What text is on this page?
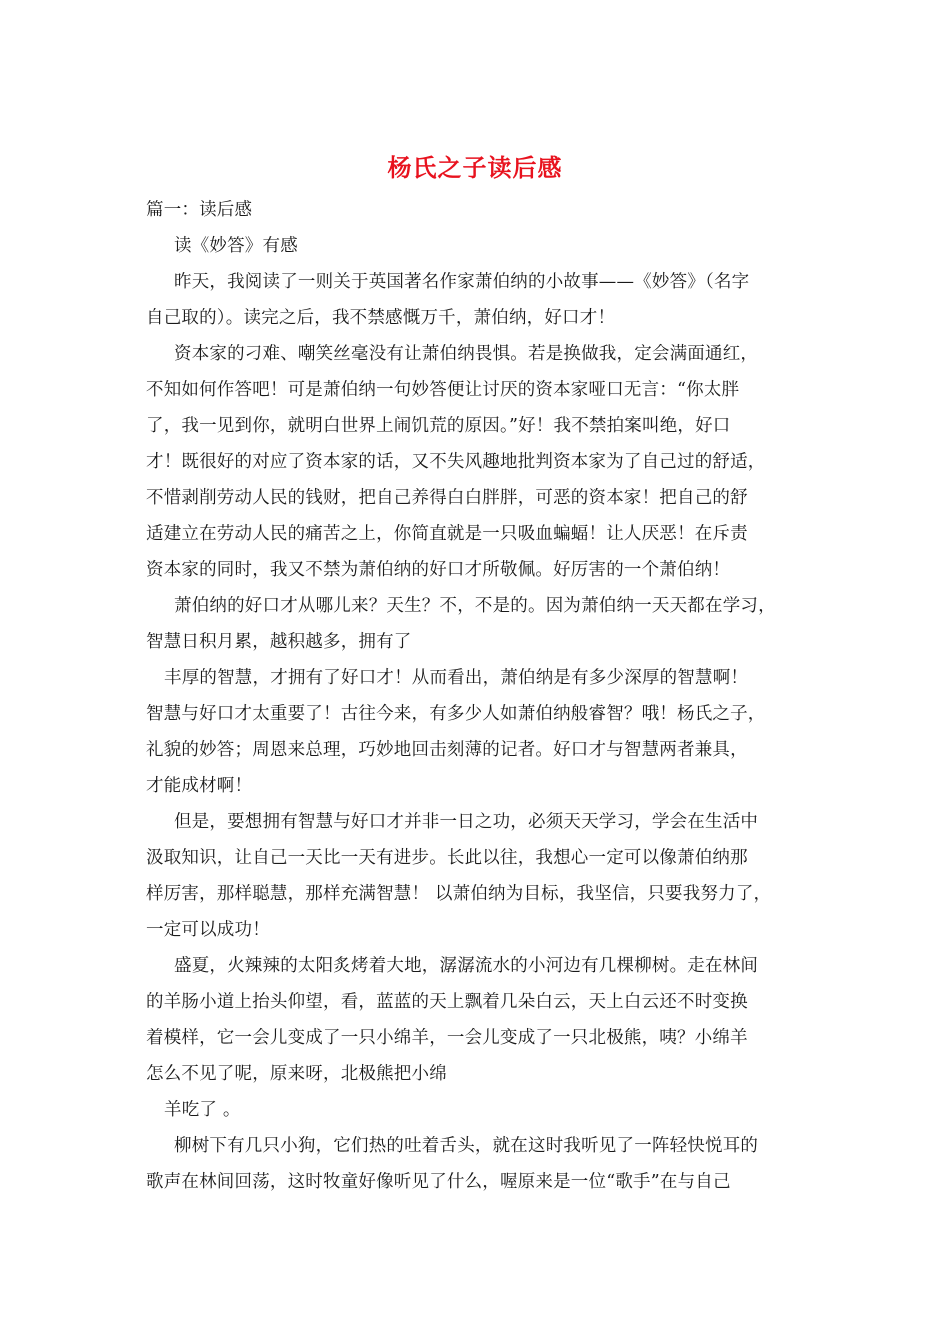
杨氏之子读后感
篇一：读后感
读《妙答》有感
昨天，我阅读了一则关于英国著名作家萧伯纳的小故事——《妙答》（名字
自己取的）。读完之后，我不禁感慨万千，萧伯纳，好口才！
资本家的刁难、嘲笑丝毫没有让萧伯纳畏惧。若是换做我，定会满面通红，
不知如何作答吧！可是萧伯纳一句妙答便让讨厌的资本家哑口无言：“你太胖
了，我一见到你，就明白世界上闹饥荒的原因。”好！我不禁拍案叫绝，好口
才！既很好的对应了资本家的话，又不失风趣地批判资本家为了自己过的舒适，
不惜剥削劳动人民的钱财，把自己养得白白胖胖，可恶的资本家！把自己的舒
适建立在劳动人民的痛苦之上，你简直就是一只吸血蝙蝠！让人厌恶！在斥责
资本家的同时，我又不禁为萧伯纳的好口才所敬佩。好厉害的一个萧伯纳！
萧伯纳的好口才从哪儿来？天生？不，不是的。因为萧伯纳一天天都在学习，
智慧日积月累，越积越多，拥有了
丰厚的智慧，才拥有了好口才！从而看出，萧伯纳是有多少深厚的智慧啊！
智慧与好口才太重要了！古往今来，有多少人如萧伯纳般睿智？哦！杨氏之子，
礼貌的妙答；周恩来总理，巧妙地回击刻薄的记者。好口才与智慧两者兼具，
才能成材啊！
但是，要想拥有智慧与好口才并非一日之功，必须天天学习，学会在生活中
汲取知识，让自己一天比一天有进步。长此以往，我想心一定可以像萧伯纳那
样厉害，那样聪慧，那样充满智慧！ 以萧伯纳为目标，我坚信，只要我努力了，
一定可以成功！
盛夏，火辣辣的太阳炙烤着大地，潺潺流水的小河边有几棵柳树。走在林间
的羊肠小道上抬头仰望，看，蓝蓝的天上飘着几朵白云，天上白云还不时变换
着模样，它一会儿变成了一只小绵羊，一会儿变成了一只北极熊，咦？小绵羊
怎么不见了呢，原来呀，北极熊把小绵
羊吃了 。
柳树下有几只小狗，它们热的吐着舌头，就在这时我听见了一阵轻快悦耳的
歌声在林间回荡，这时牧童好像听见了什么，喔原来是一位“歌手”在与自己
